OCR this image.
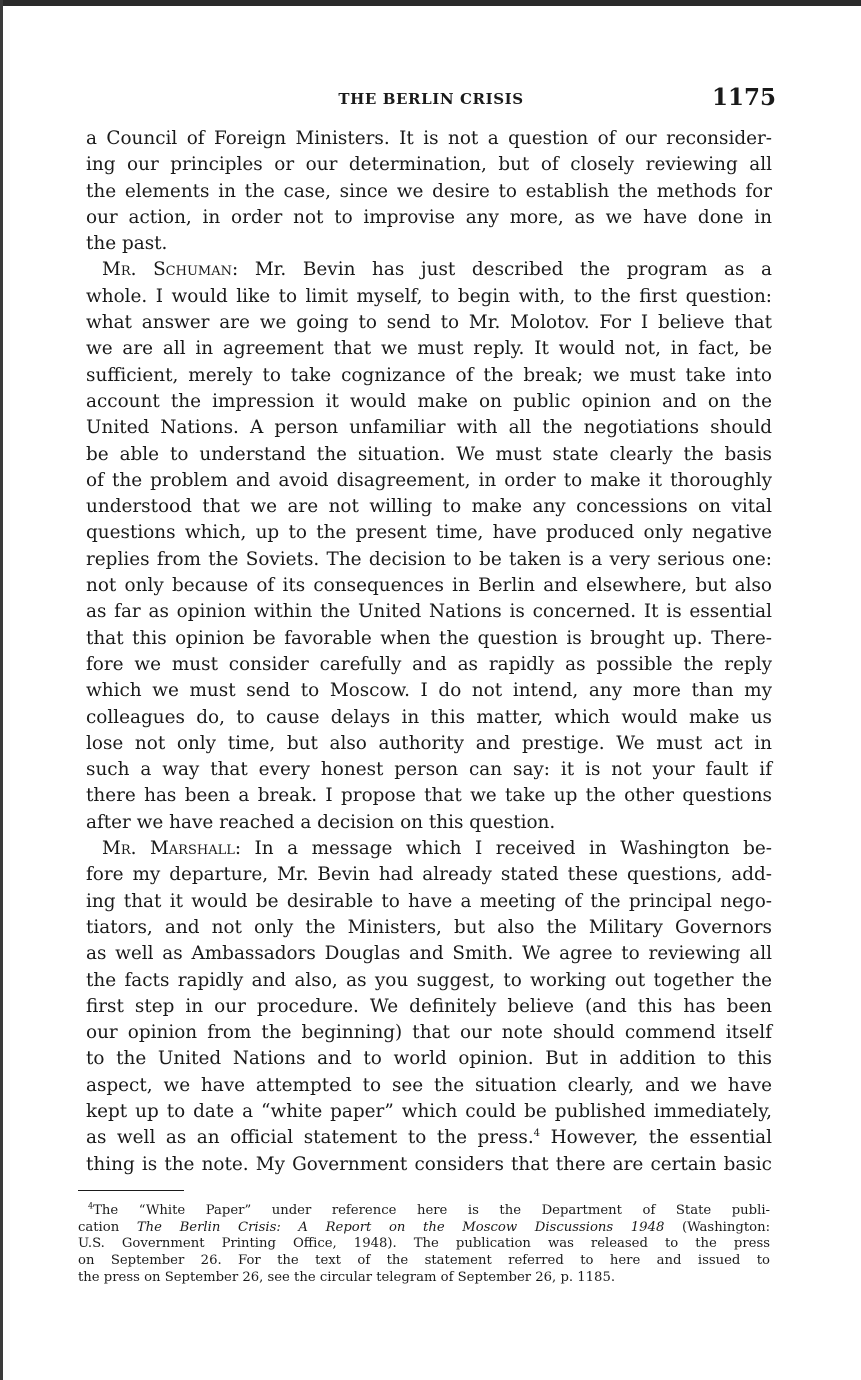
THE BERLIN CRISIS	1175
a Council of Foreign Ministers. It is not a question of our reconsider-
ing our principles or our determination, but of closely reviewing all
the elements in the case, since we desire to establish the methods for
our action, in order not to improvise any more, as we have done in
the past.
Mr. Schuman: Mr. Bevin has just described the program as a
whole. I would like to limit myself, to begin with, to the first question:
what answer are we going to send to Mr. Molotov. For I believe that
we are all in agreement that we must reply. It would not, in fact, be
sufficient, merely to take cognizance of the break; we must take into
account the impression it would make on public opinion and on the
United Nations. A person unfamiliar with all the negotiations should
be able to understand the situation. We must state clearly the basis
of the problem and avoid disagreement, in order to make it thoroughly
understood that we are not willing to make any concessions on vital
questions which, up to the present time, have produced only negative
replies from the Soviets. The decision to be taken is a very serious one:
not only because of its consequences in Berlin and elsewhere, but also
as far as opinion within the United Nations is concerned. It is essential
that this opinion be favorable when the question is brought up. There-
fore we must consider carefully and as rapidly as possible the reply
which we must send to Moscow. I do not intend, any more than my
colleagues do, to cause delays in this matter, which would make us
lose not only time, but also authority and prestige. We must act in
such a way that every honest person can say: it is not your fault if
there has been a break. I propose that we take up the other questions
after we have reached a decision on this question.
Mr. Marshall: In a message which I received in Washington be-
fore my departure, Mr. Bevin had already stated these questions, add-
ing that it would be desirable to have a meeting of the principal nego-
tiators, and not only the Ministers, but also the Military Governors
as well as Ambassadors Douglas and Smith. We agree to reviewing all
the facts rapidly and also, as you suggest, to working out together the
first step in our procedure. We definitely believe (and this has been
our opinion from the beginning) that our note should commend itself
to the United Nations and to world opinion. But in addition to this
aspect, we have attempted to see the situation clearly, and we have
kept up to date a “white paper” which could be published immediately,
as well as an official statement to the press.$^4$ However, the essential
thing is the note. My Government considers that there are certain basic
$^4$The “White Paper” under reference here is the Department of State publi-
cation The Berlin Crisis: A Report on the Moscow Discussions 1948 (Washington:
U.S. Government Printing Office, 1948). The publication was released to the press
on September 26. For the text of the statement referred to here and issued to
the press on September 26, see the circular telegram of September 26, p. 1185.
